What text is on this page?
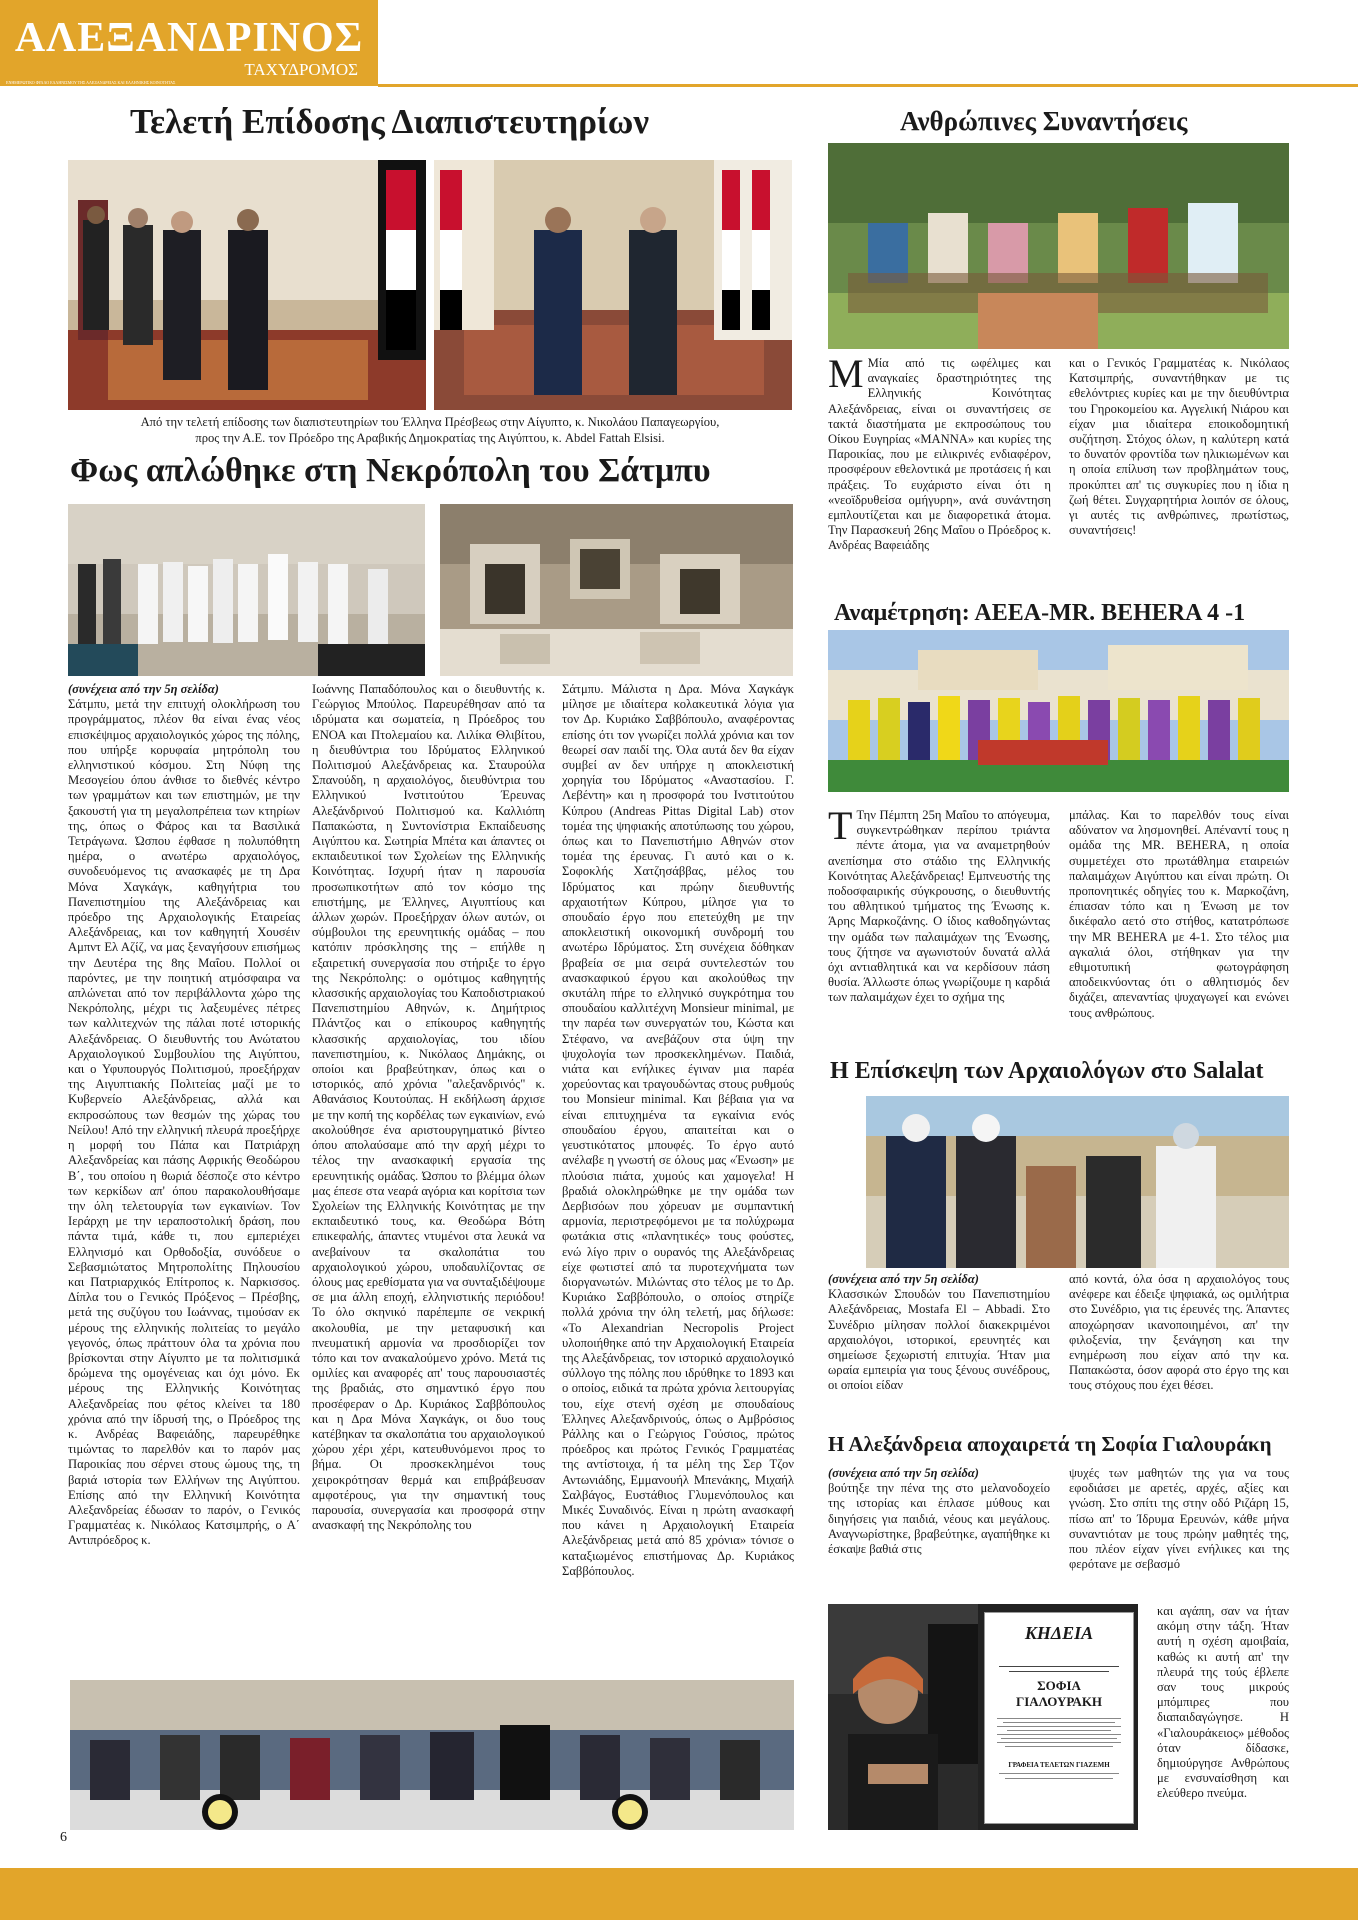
ΑΛΕΞΑΝΔΡΙΝΟΣ
ΤΑΧΥΔΡΟΜΟΣ
ΕΝΗΜΕΡΩΤΙΚΟ ΦΥΛΛΟ ΕΛΛΗΝΙΣΜΟΥ ΤΗΣ ΑΛΕΞΑΝΔΡΕΙΑΣ ΚΑΙ ΕΛΛΗΝΙΚΗΣ ΚΟΙΝΟΤΗΤΑΣ
Τελετή Επίδοσης Διαπιστευτηρίων
Από την τελετή επίδοσης των διαπιστευτηρίων του Έλληνα Πρέσβεως στην Αίγυπτο, κ. Νικολάου Παπαγεωργίου,
προς την Α.Ε. τον Πρόεδρο της Αραβικής Δημοκρατίας της Αιγύπτου, κ. Abdel Fattah Elsisi.
Φως απλώθηκε στη Νεκρόπολη του Σάτμπυ

(συνέχεια από την 5η σελίδα)

Σάτμπυ, μετά την επιτυχή ολοκλήρωση του προγράμματος, πλέον θα είναι ένας νέος επισκέψιμος αρχαιολογικός χώρος της πόλης, που υπήρξε κορυφαία μητρόπολη του ελληνιστικού κόσμου. Στη Νύφη της Μεσογείου όπου άνθισε το διεθνές κέντρο των γραμμάτων και των επιστημών, με την ξακουστή για τη μεγαλοπρέπεια των κτηρίων της, όπως ο Φάρος και τα Βασιλικά Τετράγωνα. Ώσπου έφθασε η πολυπόθητη ημέρα, ο ανωτέρω αρχαιολόγος, συνοδευόμενος τις ανασκαφές με τη Δρα Μόνα Χαγκάγκ, καθηγήτρια του Πανεπιστημίου της Αλεξάνδρειας και πρόεδρο της Αρχαιολογικής Εταιρείας Αλεξάνδρειας, και τον καθηγητή Χουσέιν Αμπντ Ελ Αζίζ, να μας ξεναγήσουν επισήμως την Δευτέρα της 8ης Μαΐου. Πολλοί οι παρόντες, με την ποιητική ατμόσφαιρα να απλώνεται από τον περιβάλλοντα χώρο της Νεκρόπολης, μέχρι τις λαξευμένες πέτρες των καλλιτεχνών της πάλαι ποτέ ιστορικής Αλεξάνδρειας. Ο διευθυντής του Ανώτατου Αρχαιολογικού Συμβουλίου της Αιγύπτου, και ο Υφυπουργός Πολιτισμού, προεξήρχαν της Αιγυπτιακής Πολιτείας μαζί με το Κυβερνείο Αλεξάνδρειας, αλλά και εκπροσώπους των θεσμών της χώρας του Νείλου! Από την ελληνική πλευρά προεξήρχε η μορφή του Πάπα και Πατριάρχη Αλεξανδρείας και πάσης Αφρικής Θεοδώρου Β΄, του οποίου η θωριά δέσποζε στο κέντρο των κερκίδων απ' όπου παρακολουθήσαμε την όλη τελετουργία των εγκαινίων. Τον Ιεράρχη με την ιεραποστολική δράση, που πάντα τιμά, κάθε τι, που εμπεριέχει Ελληνισμό και Ορθοδοξία, συνόδευε ο Σεβασμιώτατος Μητροπολίτης Πηλουσίου και Πατριαρχικός Επίτροπος κ. Ναρκισσος. Δίπλα του ο Γενικός Πρόξενος – Πρέσβης, μετά της συζύγου του Ιωάννας, τιμούσαν εκ μέρους της ελληνικής πολιτείας το μεγάλο γεγονός, όπως πράττουν όλα τα χρόνια που βρίσκονται στην Αίγυπτο με τα πολιτισμικά δρώμενα της ομογένειας και όχι μόνο. Εκ μέρους της Ελληνικής Κοινότητας Αλεξανδρείας που φέτος κλείνει τα 180 χρόνια από την ίδρυσή της, ο Πρόεδρος της κ. Ανδρέας Βαφειάδης, παρευρέθηκε τιμώντας το παρελθόν και το παρόν μας Παροικίας που σέρνει στους ώμους της, τη βαριά ιστορία των Ελλήνων της Αιγύπτου. Επίσης από την Ελληνική Κοινότητα Αλεξανδρείας έδωσαν το παρόν, ο Γενικός Γραμματέας κ. Νικόλαος Κατσιμπρής, ο Α΄ Αντιπρόεδρος κ.

Ιωάννης Παπαδόπουλος και ο διευθυντής κ. Γεώργιος Μπούλος. Παρευρέθησαν από τα ιδρύματα και σωματεία, η Πρόεδρος του ΕΝΟΑ και Πτολεμαίου κα. Λιλίκα Θλιβίτου, η διευθύντρια του Ιδρύματος Ελληνικού Πολιτισμού Αλεξάνδρειας κα. Σταυρούλα Σπανούδη, η αρχαιολόγος, διευθύντρια του Ελληνικού Ινστιτούτου Έρευνας Αλεξάνδρινού Πολιτισμού κα. Καλλιόπη Παπακώστα, η Συντονίστρια Εκπαίδευσης Αιγύπτου κα. Σωτηρία Μπέτα και άπαντες οι εκπαιδευτικοί των Σχολείων της Ελληνικής Κοινότητας. Ισχυρή ήταν η παρουσία προσωπικοτήτων από τον κόσμο της επιστήμης, με Έλληνες, Αιγυπτίους και άλλων χωρών. Προεξήρχαν όλων αυτών, οι σύμβουλοι της ερευνητικής ομάδας – που κατόπιν πρόσκλησης της – επήλθε η εξαιρετική συνεργασία που στήριξε το έργο της Νεκρόπολης: ο ομότιμος καθηγητής κλασσικής αρχαιολογίας του Καποδιστριακού Πανεπιστημίου Αθηνών, κ. Δημήτριος Πλάντζος και ο επίκουρος καθηγητής κλασσικής αρχαιολογίας, του ιδίου πανεπιστημίου, κ. Νικόλαος Δημάκης, οι οποίοι και βραβεύτηκαν, όπως και ο ιστορικός, από χρόνια "αλεξανδρινός" κ. Αθανάσιος Κουτούπας. Η εκδήλωση άρχισε με την κοπή της κορδέλας των εγκαινίων, ενώ ακολούθησε ένα αριστουργηματικό βίντεο όπου απολαύσαμε από την αρχή μέχρι το τέλος την ανασκαφική εργασία της ερευνητικής ομάδας. Ώσπου το βλέμμα όλων μας έπεσε στα νεαρά αγόρια και κορίτσια των Σχολείων της Ελληνικής Κοινότητας με την εκπαιδευτικό τους, κα. Θεοδώρα Βότη επικεφαλής, άπαντες ντυμένοι στα λευκά να ανεβαίνουν τα σκαλοπάτια του αρχαιολογικού χώρου, υποδαυλίζοντας σε όλους μας ερεθίσματα για να συνταξιδέψουμε σε μια άλλη εποχή, ελληνιστικής περιόδου! Το όλο σκηνικό παρέπεμπε σε νεκρική ακολουθία, με την μεταφυσική και πνευματική αρμονία να προσδιορίζει τον τόπο και τον ανακαλούμενο χρόνο. Μετά τις ομιλίες και αναφορές απ' τους παρουσιαστές της βραδιάς, στο σημαντικό έργο που προσέφεραν ο Δρ. Κυριάκος Σαββόπουλος και η Δρα Μόνα Χαγκάγκ, οι δυο τους κατέβηκαν τα σκαλοπάτια του αρχαιολογικού χώρου χέρι χέρι, κατευθυνόμενοι προς το βήμα. Οι προσκεκλημένοι τους χειροκρότησαν θερμά και επιβράβευσαν αμφοτέρους, για την σημαντική τους παρουσία, συνεργασία και προσφορά στην ανασκαφή της Νεκρόπολης του

Σάτμπυ. Μάλιστα η Δρα. Μόνα Χαγκάγκ μίλησε με ιδιαίτερα κολακευτικά λόγια για τον Δρ. Κυριάκο Σαββόπουλο, αναφέροντας επίσης ότι τον γνωρίζει πολλά χρόνια και τον θεωρεί σαν παιδί της. Όλα αυτά δεν θα είχαν συμβεί αν δεν υπήρχε η αποκλειστική χορηγία του Ιδρύματος «Αναστασίου. Γ. Λεβέντη» και η προσφορά του Ινστιτούτου Κύπρου (Andreas Pittas Digital Lab) στον τομέα της ψηφιακής αποτύπωσης του χώρου, όπως και το Πανεπιστήμιο Αθηνών στον τομέα της έρευνας. Γι αυτό και ο κ. Σοφοκλής Χατζησάββας, μέλος του Ιδρύματος και πρώην διευθυντής αρχαιοτήτων Κύπρου, μίλησε για το σπουδαίο έργο που επετεύχθη με την αποκλειστική οικονομική συνδρομή του ανωτέρω Ιδρύματος. Στη συνέχεια δόθηκαν βραβεία σε μια σειρά συντελεστών του ανασκαφικού έργου και ακολούθως την σκυτάλη πήρε το ελληνικό συγκρότημα του σπουδαίου καλλιτέχνη Monsieur minimal, με την παρέα των συνεργατών του, Κώστα και Στέφανο, να ανεβάζουν στα ύψη την ψυχολογία των προσκεκλημένων. Παιδιά, νιάτα και ενήλικες έγιναν μια παρέα χορεύοντας και τραγουδώντας στους ρυθμούς του Monsieur minimal. Και βέβαια για να είναι επιτυχημένα τα εγκαίνια ενός σπουδαίου έργου, απαιτείται και ο γευστικότατος μπουφές. Το έργο αυτό ανέλαβε η γνωστή σε όλους μας «Ένωση» με πλούσια πιάτα, χυμούς και χαμογελα! Η βραδιά ολοκληρώθηκε με την ομάδα των Δερβισόων που χόρευαν με συμπαντική αρμονία, περιστρεφόμενοι με τα πολύχρωμα φωτάκια στις «πλανητικές» τους φούστες, ενώ λίγο πριν ο ουρανός της Αλεξάνδρειας είχε φωτιστεί από τα πυροτεχνήματα των διοργανωτών. Μιλώντας στο τέλος με το Δρ. Κυριάκο Σαββόπουλο, ο οποίος στηρίζε πολλά χρόνια την όλη τελετή, μας δήλωσε: «Το Alexandrian Necropolis Project υλοποιήθηκε από την Αρχαιολογική Εταιρεία της Αλεξάνδρειας, τον ιστορικό αρχαιολογικό σύλλογο της πόλης που ιδρύθηκε το 1893 και ο οποίος, ειδικά τα πρώτα χρόνια λειτουργίας του, είχε στενή σχέση με σπουδαίους Έλληνες Αλεξανδρινούς, όπως ο Αμβρόσιος Ράλλης και ο Γεώργιος Γούσιος, πρώτος πρόεδρος και πρώτος Γενικός Γραμματέας της αντίστοιχα, ή τα μέλη της Σερ Τζον Αντωνιάδης, Εμμανουήλ Μπενάκης, Μιχαήλ Σαλβάγος, Ευστάθιος Γλυμενόπουλος και Μικές Συναδινός. Είναι η πρώτη ανασκαφή που κάνει η Αρχαιολογική Εταιρεία Αλεξάνδρειας μετά από 85 χρόνια» τόνισε ο καταξιωμένος επιστήμονας Δρ. Κυριάκος Σαββόπουλος.

6
Ανθρώπινες Συναντήσεις
Μ Μία από τις ωφέλιμες και αναγκαίες δραστηριότητες της Ελληνικής Κοινότητας Αλεξάνδρειας, είναι οι συναντήσεις σε τακτά διαστήματα με εκπροσώπους του Οίκου Ευγηρίας «ΜΑΝΝΑ» και κυρίες της Παροικίας, που με ειλικρινές ενδιαφέρον, προσφέρουν εθελοντικά με προτάσεις ή και πράξεις. Το ευχάριστο είναι ότι η «νεοϊδρυθείσα ομήγυρη», ανά συνάντηση εμπλουτίζεται και με διαφορετικά άτομα. Την Παρασκευή 26ης Μαΐου ο Πρόεδρος κ. Ανδρέας Βαφειάδης

και ο Γενικός Γραμματέας κ. Νικόλαος Κατσιμπρής, συναντήθηκαν με τις εθελόντριες κυρίες και με την διευθύντρια του Γηροκομείου κα. Αγγελική Νιάρου και είχαν μια ιδιαίτερα εποικοδομητική συζήτηση. Στόχος όλων, η καλύτερη κατά το δυνατόν φροντίδα των ηλικιωμένων και η οποία επίλυση των προβλημάτων τους, προκύπτει απ' τις συγκυρίες που η ίδια η ζωή θέτει. Συγχαρητήρια λοιπόν σε όλους, γι αυτές τις ανθρώπινες, πρωτίστως, συναντήσεις!

Αναμέτρηση: ΑΕΕΑ-MR. BEHERA 4 -1
Τ Την Πέμπτη 25η Μαΐου το απόγευμα, συγκεντρώθηκαν περίπου τριάντα πέντε άτομα, για να αναμετρηθούν ανεπίσημα στο στάδιο της Ελληνικής Κοινότητας Αλεξάνδρειας! Εμπνευστής της ποδοσφαιρικής σύγκρουσης, ο διευθυντής του αθλητικού τμήματος της Ένωσης κ. Άρης Μαρκοζάνης. Ο ίδιος καθοδηγώντας την ομάδα των παλαιμάχων της Ένωσης, τους ζήτησε να αγωνιστούν δυνατά αλλά όχι αντιαθλητικά και να κερδίσουν πάση θυσία. Άλλωστε όπως γνωρίζουμε η καρδιά των παλαιμάχων έχει το σχήμα της

μπάλας. Και το παρελθόν τους είναι αδύνατον να λησμονηθεί. Απέναντί τους η ομάδα της MR. BEHERA, η οποία συμμετέχει στο πρωτάθλημα εταιρειών παλαιμάχων Αιγύπτου και είναι πρώτη. Οι προπονητικές οδηγίες του κ. Μαρκοζάνη, έπιασαν τόπο και η Ένωση με τον δικέφαλο αετό στο στήθος, κατατρόπωσε την MR BEHERA με 4-1. Στο τέλος μια αγκαλιά όλοι, στήθηκαν για την εθιμοτυπική φωτογράφηση αποδεικνύοντας ότι ο αθλητισμός δεν διχάζει, απεναντίας ψυχαγωγεί και ενώνει τους ανθρώπους.

Η Επίσκεψη των Αρχαιολόγων στο Salalat

(συνέχεια από την 5η σελίδα)

Κλασσικών Σπουδών του Πανεπιστημίου Αλεξάνδρειας, Mostafa El – Abbadi. Στο Συνέδριο μίλησαν πολλοί διακεκριμένοι αρχαιολόγοι, ιστορικοί, ερευνητές και σημείωσε ξεχωριστή επιτυχία. Ήταν μια ωραία εμπειρία για τους ξένους συνέδρους, οι οποίοι είδαν

από κοντά, όλα όσα η αρχαιολόγος τους ανέφερε και έδειξε ψηφιακά, ως ομιλήτρια στο Συνέδριο, για τις έρευνές της. Άπαντες αποχώρησαν ικανοποιημένοι, απ' την φιλοξενία, την ξενάγηση και την ενημέρωση που είχαν από την κα. Παπακώστα, όσον αφορά στο έργο της και τους στόχους που έχει θέσει.

Η Αλεξάνδρεια αποχαιρετά τη Σοφία Γιαλουράκη

(συνέχεια από την 5η σελίδα)

βούτηξε την πένα της στο μελανοδοχείο της ιστορίας και έπλασε μύθους και διηγήσεις για παιδιά, νέους και μεγάλους. Αναγνωρίστηκε, βραβεύτηκε, αγαπήθηκε κι έσκαψε βαθιά στις

ψυχές των μαθητών της για να τους εφοδιάσει με αρετές, αρχές, αξίες και γνώση. Στο σπίτι της στην οδό Ριζάρη 15, πίσω απ' το Ίδρυμα Ερευνών, κάθε μήνα συναντιόταν με τους πρώην μαθητές της, που πλέον είχαν γίνει ενήλικες και της φερότανε με σεβασμό

ΚΗΔΕΙΑ
ΣΟΦΙΑ
ΓΙΑΛΟΥΡΑΚΗ
ΓΡΑΦΕΙΑ ΤΕΛΕΤΩΝ ΓΙΑΖΕΜΗ

και αγάπη, σαν να ήταν ακόμη στην τάξη. Ήταν αυτή η σχέση αμοιβαία, καθώς κι αυτή απ' την πλευρά της τούς έβλεπε σαν τους μικρούς μπόμπιρες που διαπαιδαγώγησε. Η «Γιαλουράκειος» μέθοδος όταν δίδασκε, δημιούργησε Ανθρώπους με ενσυναίσθηση και ελεύθερο πνεύμα.
